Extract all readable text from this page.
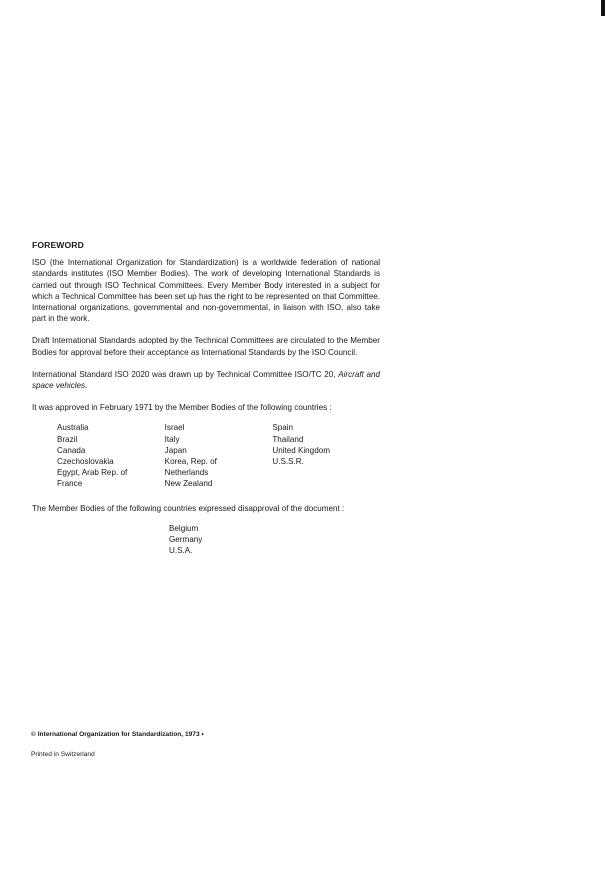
FOREWORD

ISO (the International Organization for Standardization) is a worldwide federation of national standards institutes (ISO Member Bodies). The work of developing International Standards is carried out through ISO Technical Committees. Every Member Body interested in a subject for which a Technical Committee has been set up has the right to be represented on that Committee. International organizations, governmental and non-governmental, in liaison with ISO, also take part in the work.

Draft International Standards adopted by the Technical Committees are circulated to the Member Bodies for approval before their acceptance as International Standards by the ISO Council.

International Standard ISO 2020 was drawn up by Technical Committee ISO/TC 20, Aircraft and space vehicles.

It was approved in February 1971 by the Member Bodies of the following countries :

Australia
Brazil
Canada
Czechoslovakia
Egypt, Arab Rep. of
France
Israel
Italy
Japan
Korea, Rep. of
Netherlands
New Zealand
Spain
Thailand
United Kingdom
U.S.S.R.

The Member Bodies of the following countries expressed disapproval of the document :

Belgium
Germany
U.S.A.
© International Organization for Standardization, 1973 •
Printed in Switzerland
